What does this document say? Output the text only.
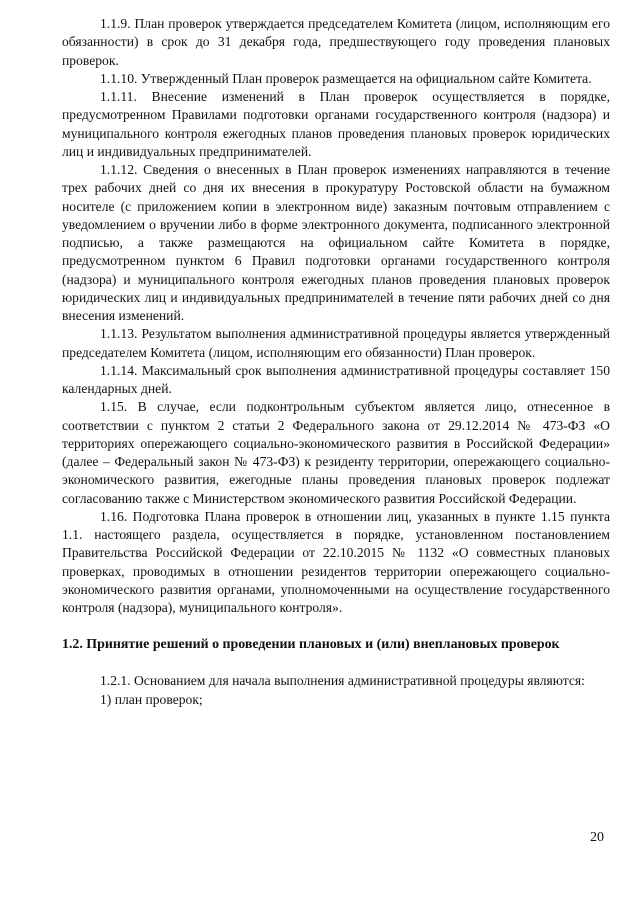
1.1.9. План проверок утверждается председателем Комитета (лицом, исполняющим его обязанности) в срок до 31 декабря года, предшествующего году проведения плановых проверок.

1.1.10. Утвержденный План проверок размещается на официальном сайте Комитета.

1.1.11. Внесение изменений в План проверок осуществляется в порядке, предусмотренном Правилами подготовки органами государственного контроля (надзора) и муниципального контроля ежегодных планов проведения плановых проверок юридических лиц и индивидуальных предпринимателей.

1.1.12. Сведения о внесенных в План проверок изменениях направляются в течение трех рабочих дней со дня их внесения в прокуратуру Ростовской области на бумажном носителе (с приложением копии в электронном виде) заказным почтовым отправлением с уведомлением о вручении либо в форме электронного документа, подписанного электронной подписью, а также размещаются на официальном сайте Комитета в порядке, предусмотренном пунктом 6 Правил подготовки органами государственного контроля (надзора) и муниципального контроля ежегодных планов проведения плановых проверок юридических лиц и индивидуальных предпринимателей в течение пяти рабочих дней со дня внесения изменений.

1.1.13. Результатом выполнения административной процедуры является утвержденный председателем Комитета (лицом, исполняющим его обязанности) План проверок.

1.1.14. Максимальный срок выполнения административной процедуры составляет 150 календарных дней.

1.15. В случае, если подконтрольным субъектом является лицо, отнесенное в соответствии с пунктом 2 статьи 2 Федерального закона от 29.12.2014 № 473-ФЗ «О территориях опережающего социально-экономического развития в Российской Федерации» (далее – Федеральный закон № 473-ФЗ) к резиденту территории, опережающего социально-экономического развития, ежегодные планы проведения плановых проверок подлежат согласованию также с Министерством экономического развития Российской Федерации.

1.16. Подготовка Плана проверок в отношении лиц, указанных в пункте 1.15 пункта 1.1. настоящего раздела, осуществляется в порядке, установленном постановлением Правительства Российской Федерации от 22.10.2015 № 1132 «О совместных плановых проверках, проводимых в отношении резидентов территории опережающего социально-экономического развития органами, уполномоченными на осуществление государственного контроля (надзора), муниципального контроля».

1.2. Принятие решений о проведении плановых и (или) внеплановых проверок

1.2.1. Основанием для начала выполнения административной процедуры являются:

1) план проверок;

20
